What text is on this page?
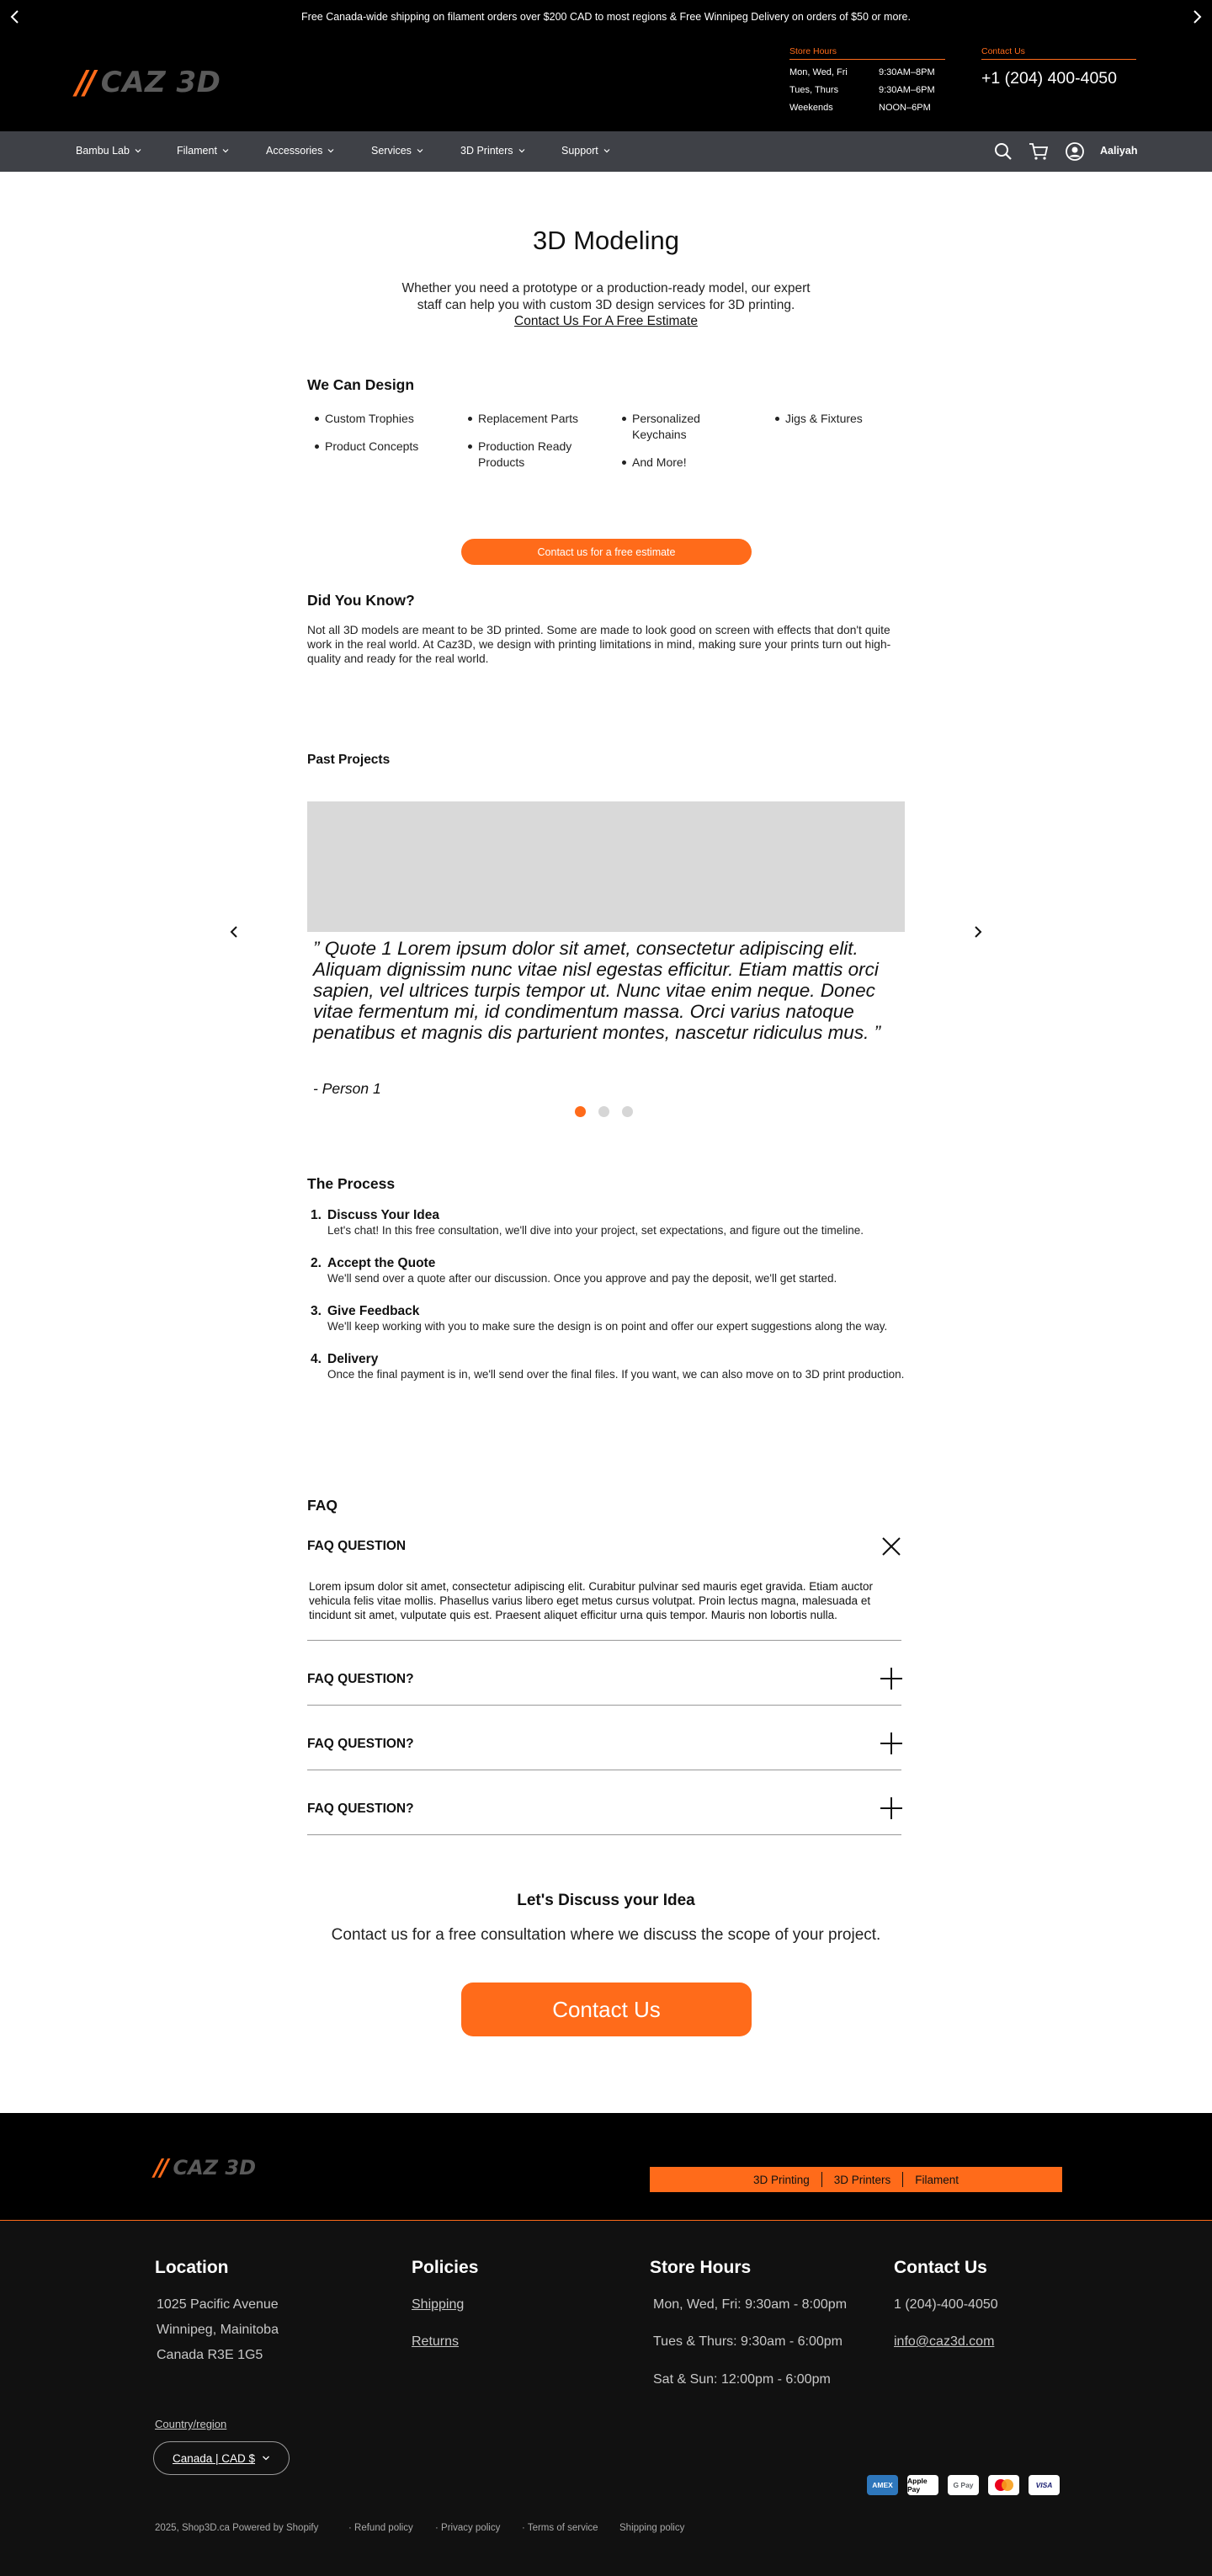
Free Canada-wide shipping on filament orders over $200 CAD to most regions & Free Winnipeg Delivery on orders of $50 or more.
// CAZ 3D
Store Hours
Mon, Wed, Fri	9:30AM–8PM
Tues, Thurs	9:30AM–6PM
Weekends	NOON–6PM
Contact Us
+1 (204) 400-4050
Bambu Lab	Filament	Accessories	Services	3D Printers	Support	Aaliyah
3D Modeling
Whether you need a prototype or a production-ready model, our expert staff can help you with custom 3D design services for 3D printing. Contact Us For A Free Estimate
We Can Design
Custom Trophies
Product Concepts
Replacement Parts
Production Ready Products
Personalized Keychains
And More!
Jigs & Fixtures
Contact us for a free estimate
Did You Know?
Not all 3D models are meant to be 3D printed. Some are made to look good on screen with effects that don't quite work in the real world. At Caz3D, we design with printing limitations in mind, making sure your prints turn out high-quality and ready for the real world.
Past Projects
” Quote 1 Lorem ipsum dolor sit amet, consectetur adipiscing elit. Aliquam dignissim nunc vitae nisl egestas efficitur. Etiam mattis orci sapien, vel ultrices turpis tempor ut. Nunc vitae enim neque. Donec vitae fermentum mi, id condimentum massa. Orci varius natoque penatibus et magnis dis parturient montes, nascetur ridiculus mus. ”
- Person 1
The Process
1. Discuss Your Idea
Let's chat! In this free consultation, we'll dive into your project, set expectations, and figure out the timeline.
2. Accept the Quote
We'll send over a quote after our discussion. Once you approve and pay the deposit, we'll get started.
3. Give Feedback
We'll keep working with you to make sure the design is on point and offer our expert suggestions along the way.
4. Delivery
Once the final payment is in, we'll send over the final files. If you want, we can also move on to 3D print production.
FAQ
FAQ QUESTION
Lorem ipsum dolor sit amet, consectetur adipiscing elit. Curabitur pulvinar sed mauris eget gravida. Etiam auctor vehicula felis vitae mollis. Phasellus varius libero eget metus cursus volutpat. Proin lectus magna, malesuada et tincidunt sit amet, vulputate quis est. Praesent aliquet efficitur urna quis tempor. Mauris non lobortis nulla.
FAQ QUESTION?
FAQ QUESTION?
FAQ QUESTION?
Let's Discuss your Idea
Contact us for a free consultation where we discuss the scope of your project.
Contact Us
// CAZ 3D
3D Printing	3D Printers	Filament
Location
1025 Pacific Avenue
Winnipeg, Mainitoba
Canada R3E 1G5
Policies
Shipping
Returns
Store Hours
Mon, Wed, Fri: 9:30am - 8:00pm
Tues & Thurs: 9:30am - 6:00pm
Sat & Sun: 12:00pm - 6:00pm
Contact Us
1 (204)-400-4050
info@caz3d.com
Country/region
Canada | CAD $
AMEX	Apple Pay	G Pay	VISA
2025, Shop3D.ca Powered by Shopify	· Refund policy · Privacy policy · Terms of service Shipping policy
